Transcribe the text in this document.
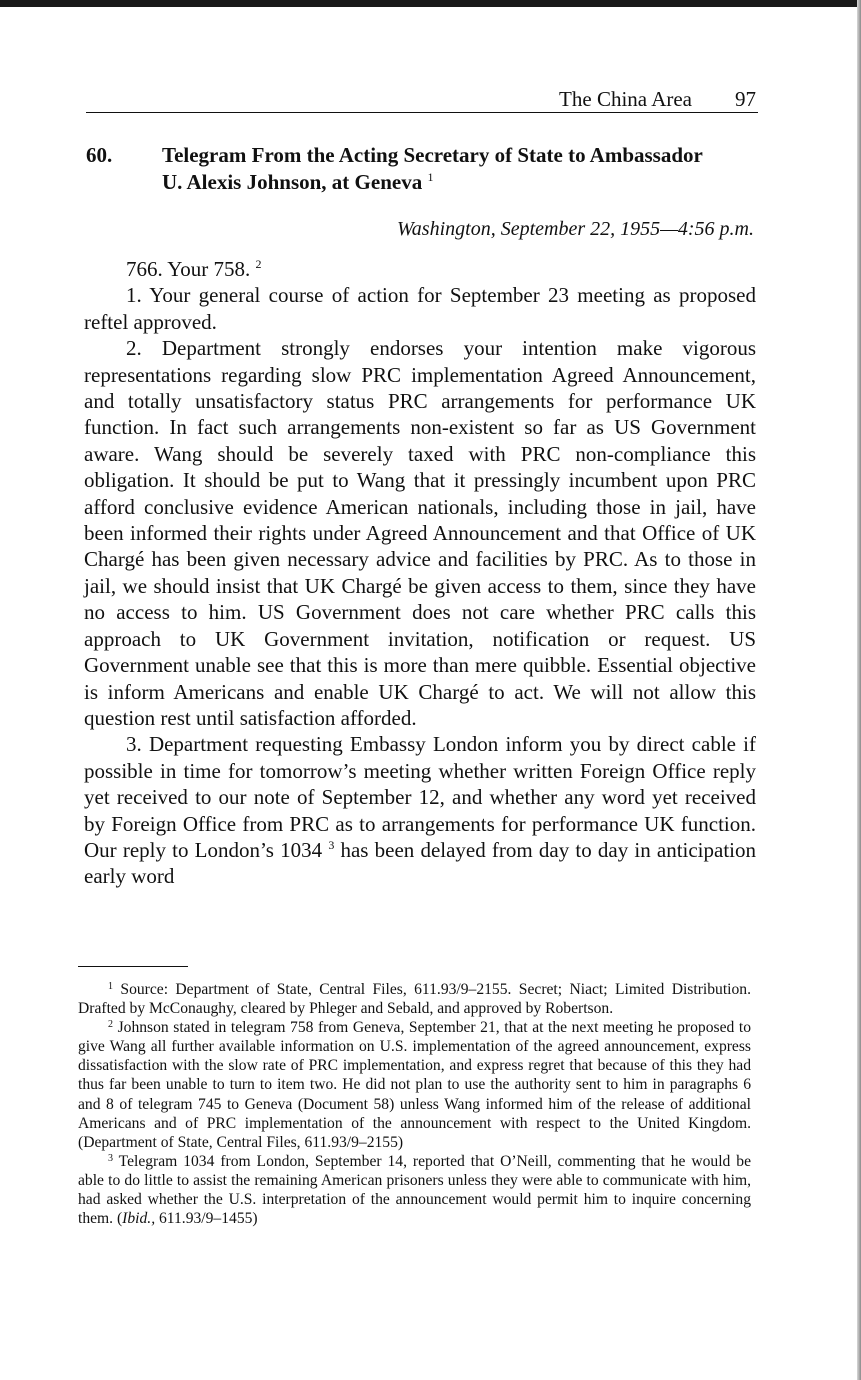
The China Area 97
60. Telegram From the Acting Secretary of State to Ambassador U. Alexis Johnson, at Geneva $^1$
Washington, September 22, 1955—4:56 p.m.

766. Your 758. $^2$

1. Your general course of action for September 23 meeting as proposed reftel approved.

2. Department strongly endorses your intention make vigorous representations regarding slow PRC implementation Agreed Announcement, and totally unsatisfactory status PRC arrangements for performance UK function. In fact such arrangements non-existent so far as US Government aware. Wang should be severely taxed with PRC non-compliance this obligation. It should be put to Wang that it pressingly incumbent upon PRC afford conclusive evidence American nationals, including those in jail, have been informed their rights under Agreed Announcement and that Office of UK Chargé has been given necessary advice and facilities by PRC. As to those in jail, we should insist that UK Chargé be given access to them, since they have no access to him. US Government does not care whether PRC calls this approach to UK Government invitation, notification or request. US Government unable see that this is more than mere quibble. Essential objective is inform Americans and enable UK Chargé to act. We will not allow this question rest until satisfaction afforded.

3. Department requesting Embassy London inform you by direct cable if possible in time for tomorrow’s meeting whether written Foreign Office reply yet received to our note of September 12, and whether any word yet received by Foreign Office from PRC as to arrangements for performance UK function. Our reply to London’s 1034 $^3$ has been delayed from day to day in anticipation early word

$^1$ Source: Department of State, Central Files, 611.93/9–2155. Secret; Niact; Limited Distribution. Drafted by McConaughy, cleared by Phleger and Sebald, and approved by Robertson.

$^2$ Johnson stated in telegram 758 from Geneva, September 21, that at the next meeting he proposed to give Wang all further available information on U.S. implementation of the agreed announcement, express dissatisfaction with the slow rate of PRC implementation, and express regret that because of this they had thus far been unable to turn to item two. He did not plan to use the authority sent to him in paragraphs 6 and 8 of telegram 745 to Geneva (Document 58) unless Wang informed him of the release of additional Americans and of PRC implementation of the announcement with respect to the United Kingdom. (Department of State, Central Files, 611.93/9–2155)

$^3$ Telegram 1034 from London, September 14, reported that O’Neill, commenting that he would be able to do little to assist the remaining American prisoners unless they were able to communicate with him, had asked whether the U.S. interpretation of the announcement would permit him to inquire concerning them. (Ibid., 611.93/9–1455)
